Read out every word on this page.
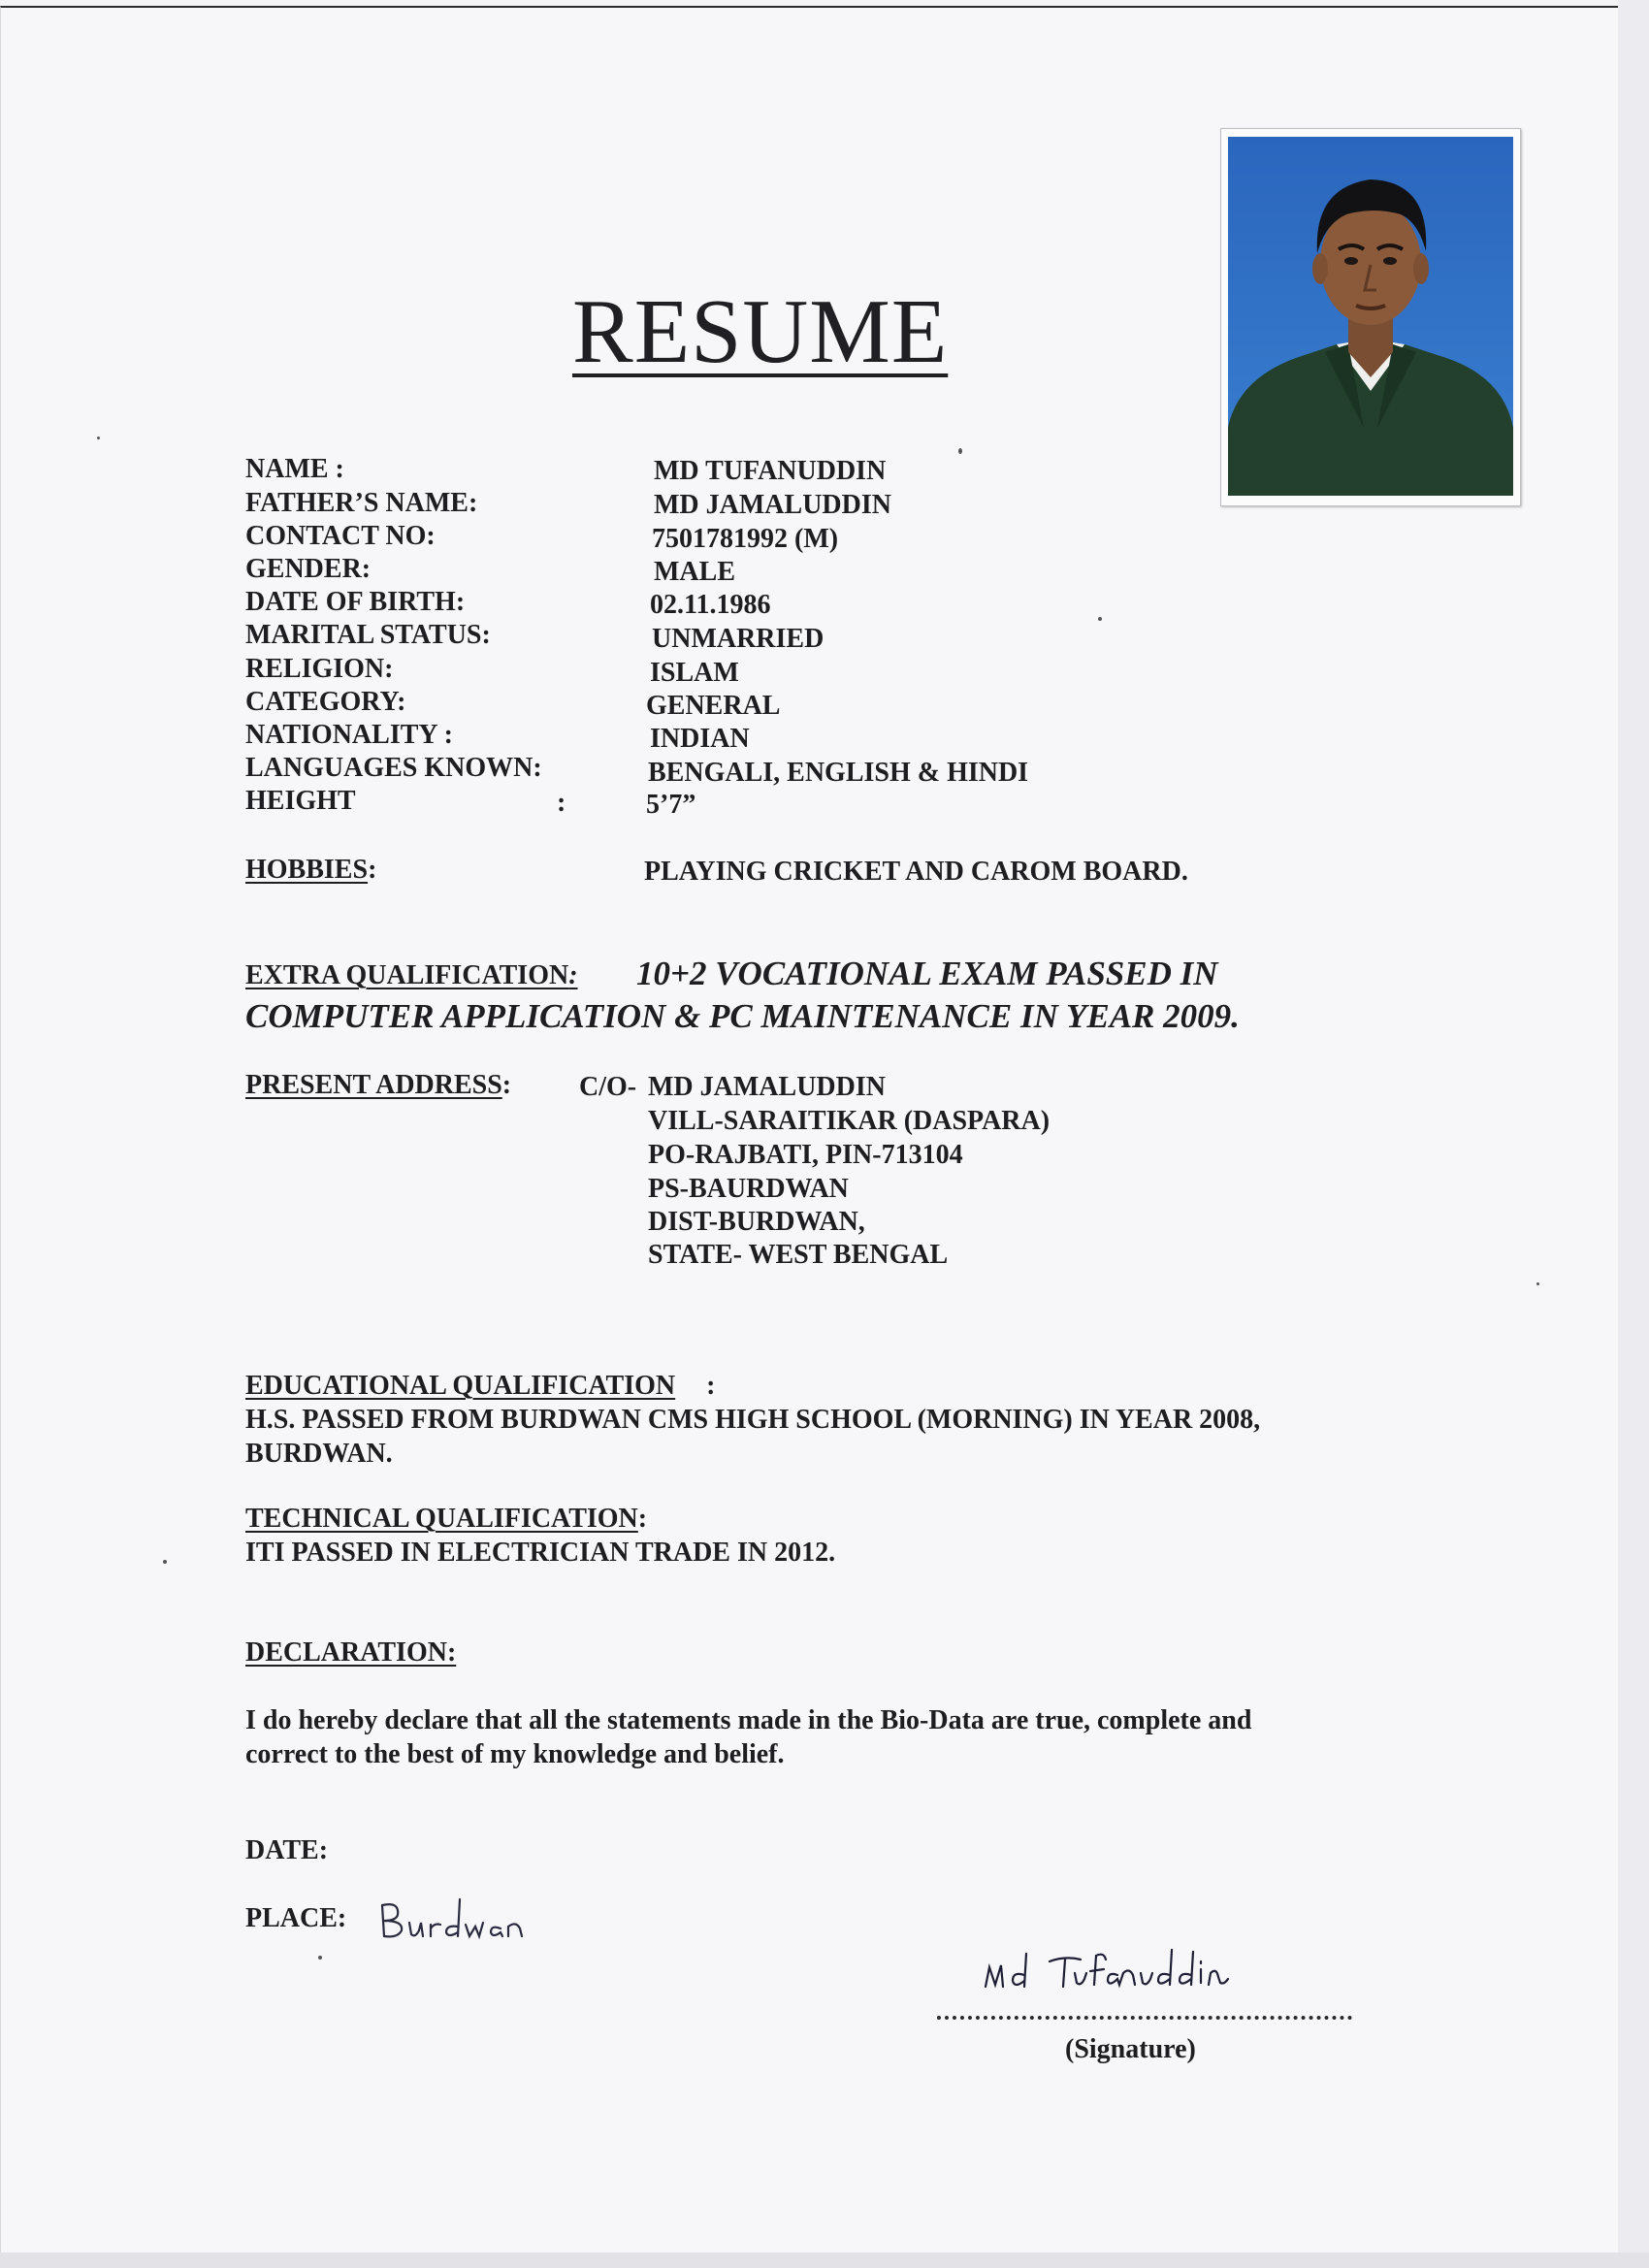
RESUME
NAME :	MD TUFANUDDIN
FATHER’S NAME:	MD JAMALUDDIN
CONTACT NO:	7501781992 (M)
GENDER:	MALE
DATE OF BIRTH:	02.11.1986
MARITAL STATUS:	UNMARRIED
RELIGION:	ISLAM
CATEGORY:	GENERAL
NATIONALITY :	INDIAN
LANGUAGES KNOWN:	BENGALI, ENGLISH & HINDI
HEIGHT	:	5’7”
HOBBIES:	PLAYING CRICKET AND CAROM BOARD.
EXTRA QUALIFICATION: 10+2 VOCATIONAL EXAM PASSED IN
COMPUTER APPLICATION & PC MAINTENANCE IN YEAR 2009.
PRESENT ADDRESS: C/O- MD JAMALUDDIN
VILL-SARAITIKAR (DASPARA)
PO-RAJBATI, PIN-713104
PS-BAURDWAN
DIST-BURDWAN,
STATE- WEST BENGAL
EDUCATIONAL QUALIFICATION :
H.S. PASSED FROM BURDWAN CMS HIGH SCHOOL (MORNING) IN YEAR 2008,
BURDWAN.
TECHNICAL QUALIFICATION:
ITI PASSED IN ELECTRICIAN TRADE IN 2012.
DECLARATION:
I do hereby declare that all the statements made in the Bio-Data are true, complete and
correct to the best of my knowledge and belief.
DATE:
PLACE:
(Signature)
